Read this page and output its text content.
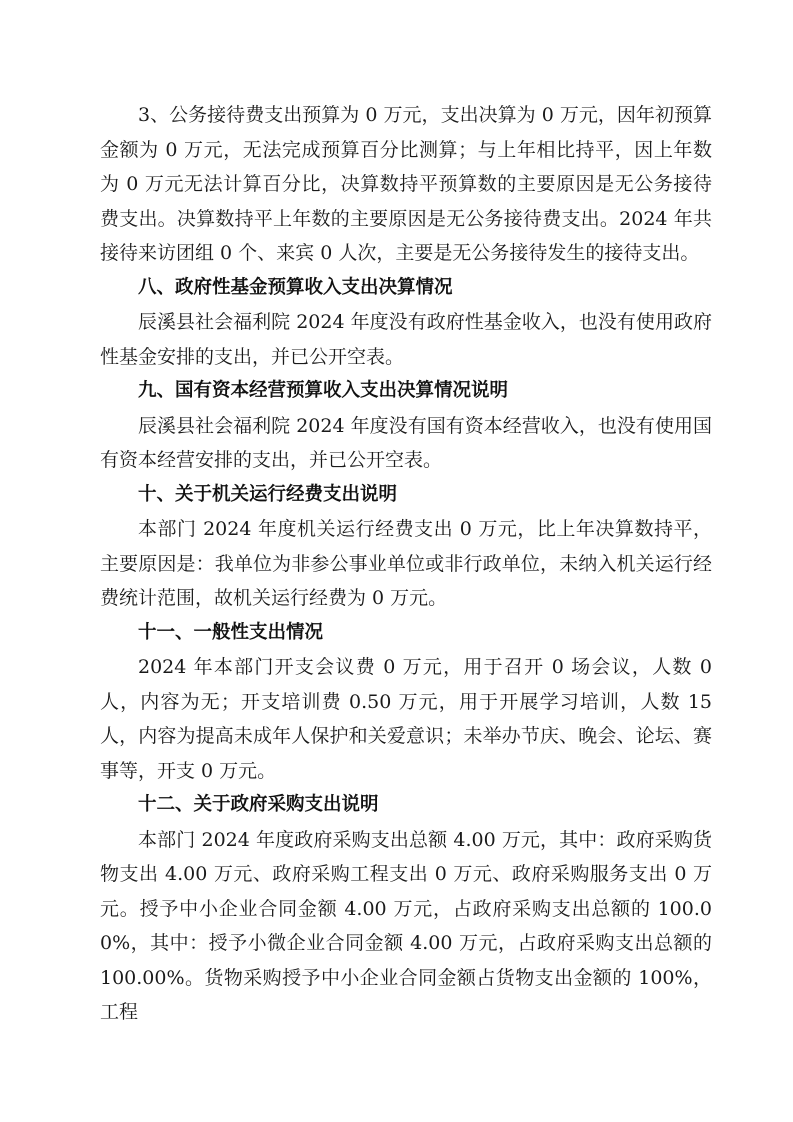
3、公务接待费支出预算为 0 万元，支出决算为 0 万元，因年初预算金额为 0 万元，无法完成预算百分比测算；与上年相比持平，因上年数为 0 万元无法计算百分比，决算数持平预算数的主要原因是无公务接待费支出。决算数持平上年数的主要原因是无公务接待费支出。2024 年共接待来访团组 0 个、来宾 0 人次，主要是无公务接待发生的接待支出。

八、政府性基金预算收入支出决算情况

辰溪县社会福利院 2024 年度没有政府性基金收入，也没有使用政府性基金安排的支出，并已公开空表。

九、国有资本经营预算收入支出决算情况说明

辰溪县社会福利院 2024 年度没有国有资本经营收入，也没有使用国有资本经营安排的支出，并已公开空表。

十、关于机关运行经费支出说明

本部门 2024 年度机关运行经费支出 0 万元，比上年决算数持平，主要原因是：我单位为非参公事业单位或非行政单位，未纳入机关运行经费统计范围，故机关运行经费为 0 万元。

十一、一般性支出情况

2024 年本部门开支会议费 0 万元，用于召开 0 场会议，人数 0 人，内容为无；开支培训费 0.50 万元，用于开展学习培训，人数 15 人，内容为提高未成年人保护和关爱意识；未举办节庆、晚会、论坛、赛事等，开支 0 万元。

十二、关于政府采购支出说明

本部门 2024 年度政府采购支出总额 4.00 万元，其中：政府采购货物支出 4.00 万元、政府采购工程支出 0 万元、政府采购服务支出 0 万元。授予中小企业合同金额 4.00 万元，占政府采购支出总额的 100.00%，其中：授予小微企业合同金额 4.00 万元，占政府采购支出总额的 100.00%。货物采购授予中小企业合同金额占货物支出金额的 100%，工程
